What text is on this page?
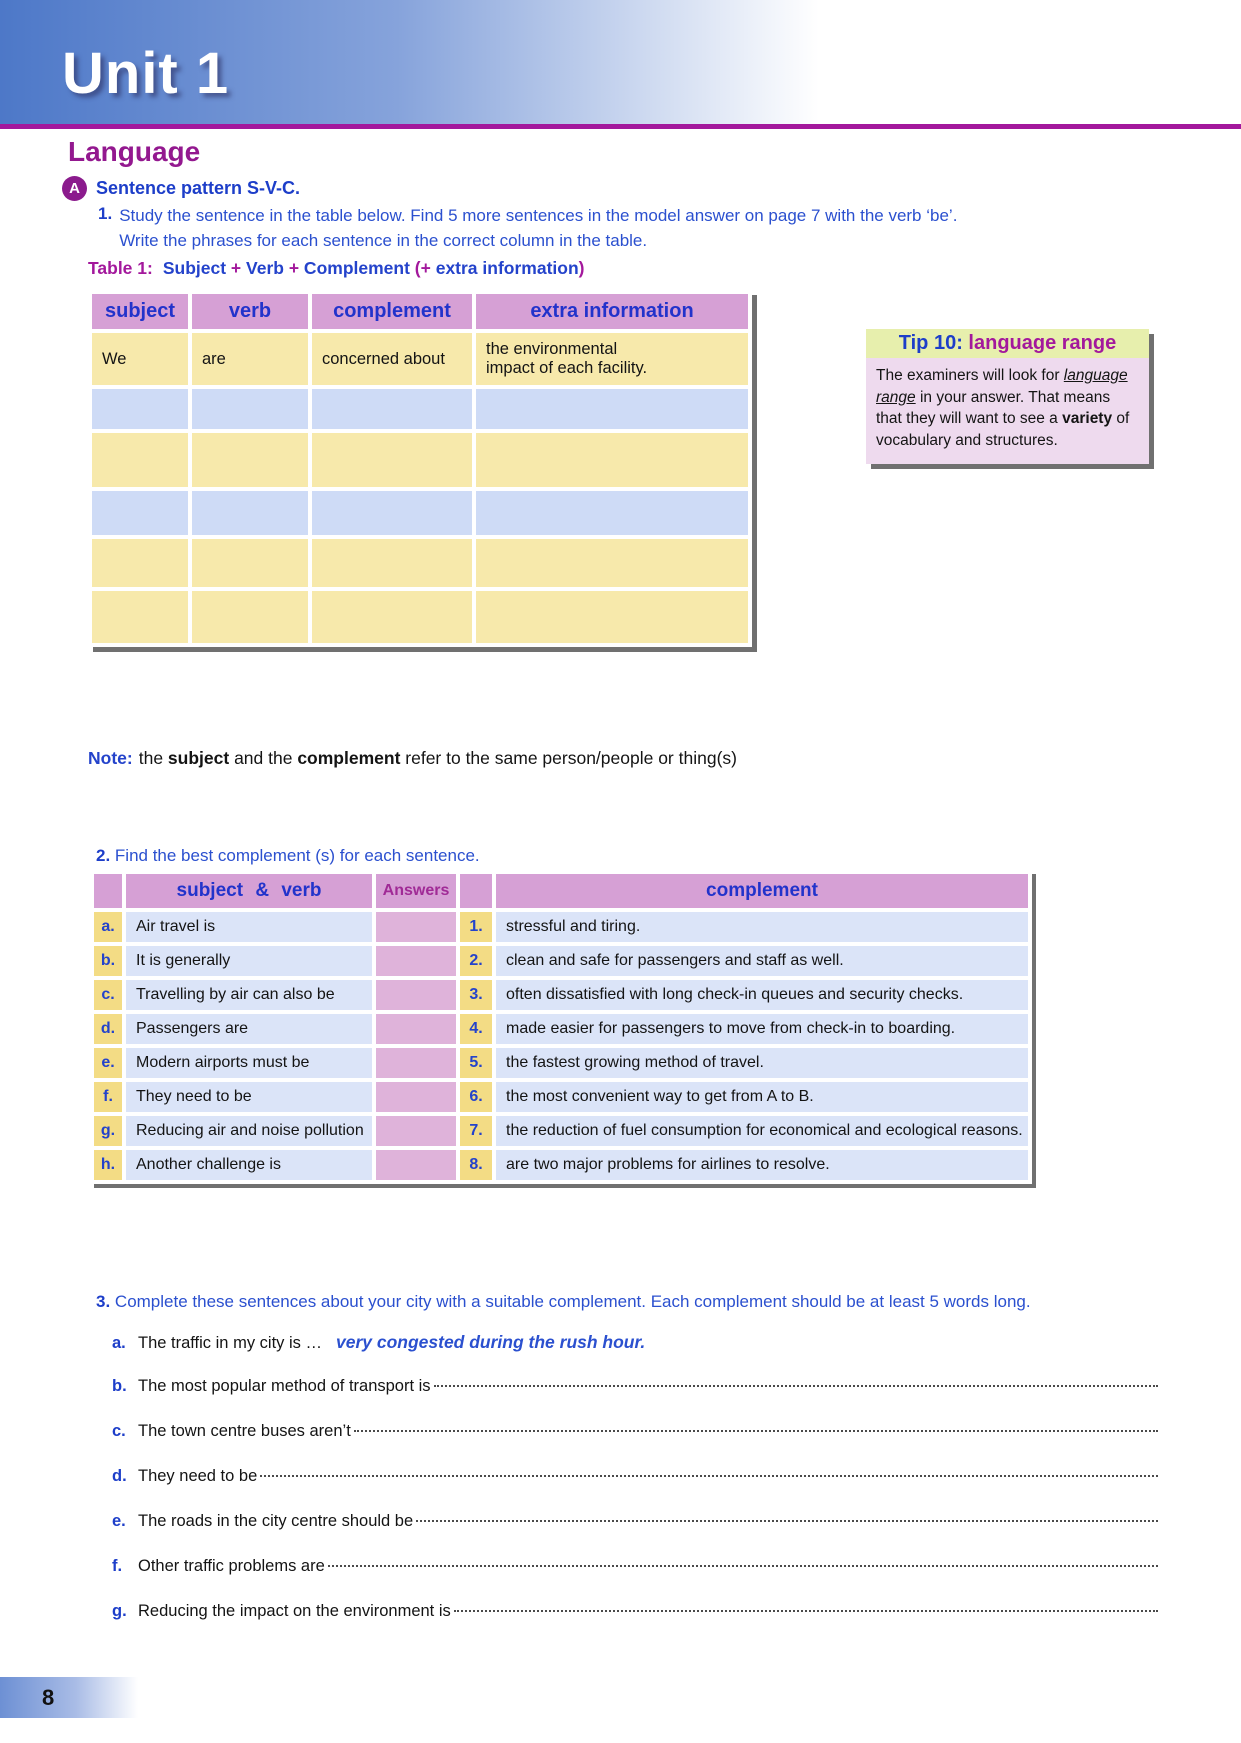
Unit 1
Language
A Sentence pattern S-V-C.
1. Study the sentence in the table below. Find 5 more sentences in the model answer on page 7 with the verb ‘be’.
Write the phrases for each sentence in the correct column in the table.
Table 1: Subject + Verb + Complement (+ extra information)
subject	verb	complement	extra information
We	are	concerned about	the environmental
impact of each facility.

Tip 10: language range
The examiners will look for language range in your answer. That means that they will want to see a variety of vocabulary and structures.
Note: the subject and the complement refer to the same person/people or thing(s)
2. Find the best complement (s) for each sentence.
	subject & verb	Answers		complement
a.	Air travel is		1.	stressful and tiring.
b.	It is generally		2.	clean and safe for passengers and staff as well.
c.	Travelling by air can also be		3.	often dissatisfied with long check-in queues and security checks.
d.	Passengers are		4.	made easier for passengers to move from check-in to boarding.
e.	Modern airports must be		5.	the fastest growing method of travel.
f.	They need to be		6.	the most convenient way to get from A to B.
g.	Reducing air and noise pollution		7.	the reduction of fuel consumption for economical and ecological reasons.
h.	Another challenge is		8.	are two major problems for airlines to resolve.
3. Complete these sentences about your city with a suitable complement. Each complement should be at least 5 words long.
a. The traffic in my city is … very congested during the rush hour.
b. The most popular method of transport is
c. The town centre buses aren’t
d. They need to be
e. The roads in the city centre should be
f. Other traffic problems are
g. Reducing the impact on the environment is
8
